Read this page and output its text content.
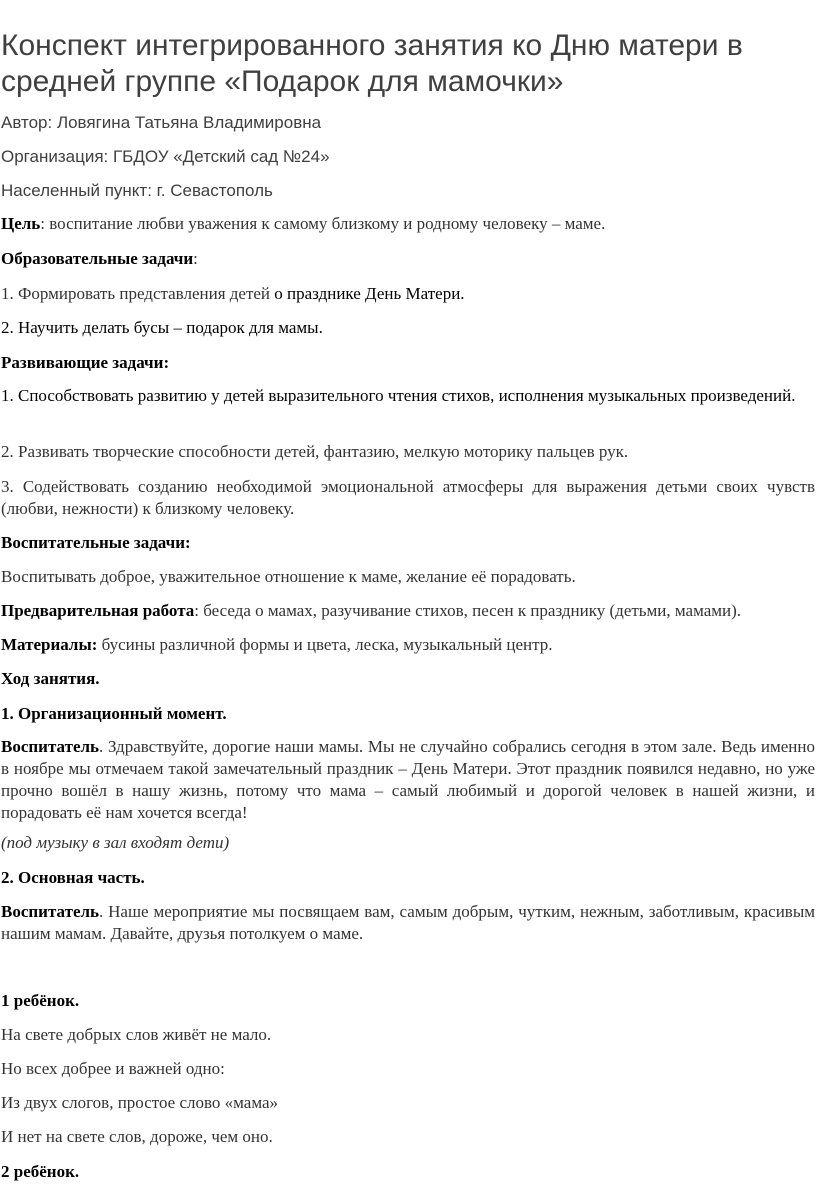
Конспект интегрированного занятия ко Дню матери в средней группе «Подарок для мамочки»

Автор: Ловягина Татьяна Владимировна

Организация: ГБДОУ «Детский сад №24»

Населенный пункт: г. Севастополь

Цель: воспитание любви уважения к самому близкому и родному человеку – маме.

Образовательные задачи:

1. Формировать представления детей о празднике День Матери.

2. Научить делать бусы – подарок для мамы.

Развивающие задачи:

1. Способствовать развитию у детей выразительного чтения стихов, исполнения музыкальных произведений.

2. Развивать творческие способности детей, фантазию, мелкую моторику пальцев рук.

3. Содействовать созданию необходимой эмоциональной атмосферы для выражения детьми своих чувств (любви, нежности) к близкому человеку.

Воспитательные задачи:

Воспитывать доброе, уважительное отношение к маме, желание её порадовать.

Предварительная работа: беседа о мамах, разучивание стихов, песен к празднику (детьми, мамами).

Материалы: бусины различной формы и цвета, леска, музыкальный центр.

Ход занятия.

1. Организационный момент.

Воспитатель. Здравствуйте, дорогие наши мамы. Мы не случайно собрались сегодня в этом зале. Ведь именно в ноябре мы отмечаем такой замечательный праздник – День Матери. Этот праздник появился недавно, но уже прочно вошёл в нашу жизнь, потому что мама – самый любимый и дорогой человек в нашей жизни, и порадовать её нам хочется всегда!

(под музыку в зал входят дети)

2. Основная часть.

Воспитатель. Наше мероприятие мы посвящаем вам, самым добрым, чутким, нежным, заботливым, красивым нашим мамам. Давайте, друзья потолкуем о маме.

1 ребёнок.

На свете добрых слов живёт не мало.

Но всех добрее и важней одно:

Из двух слогов, простое слово «мама»

И нет на свете слов, дороже, чем оно.

2 ребёнок.
